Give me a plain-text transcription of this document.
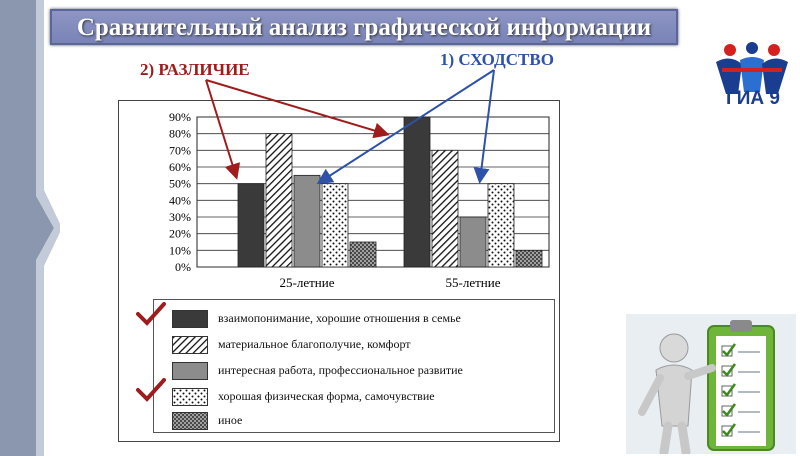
Сравнительный анализ графической информации
ГИА 9
2) РАЗЛИЧИЕ
1) СХОДСТВО
0%
10%
20%
30%
40%
50%
60%
70%
80%
90%
25-летние	55-летние
взаимопонимание, хорошие отношения в семье
материальное благополучие, комфорт
интересная работа, профессиональное развитие
хорошая физическая форма, самочувствие
иное
